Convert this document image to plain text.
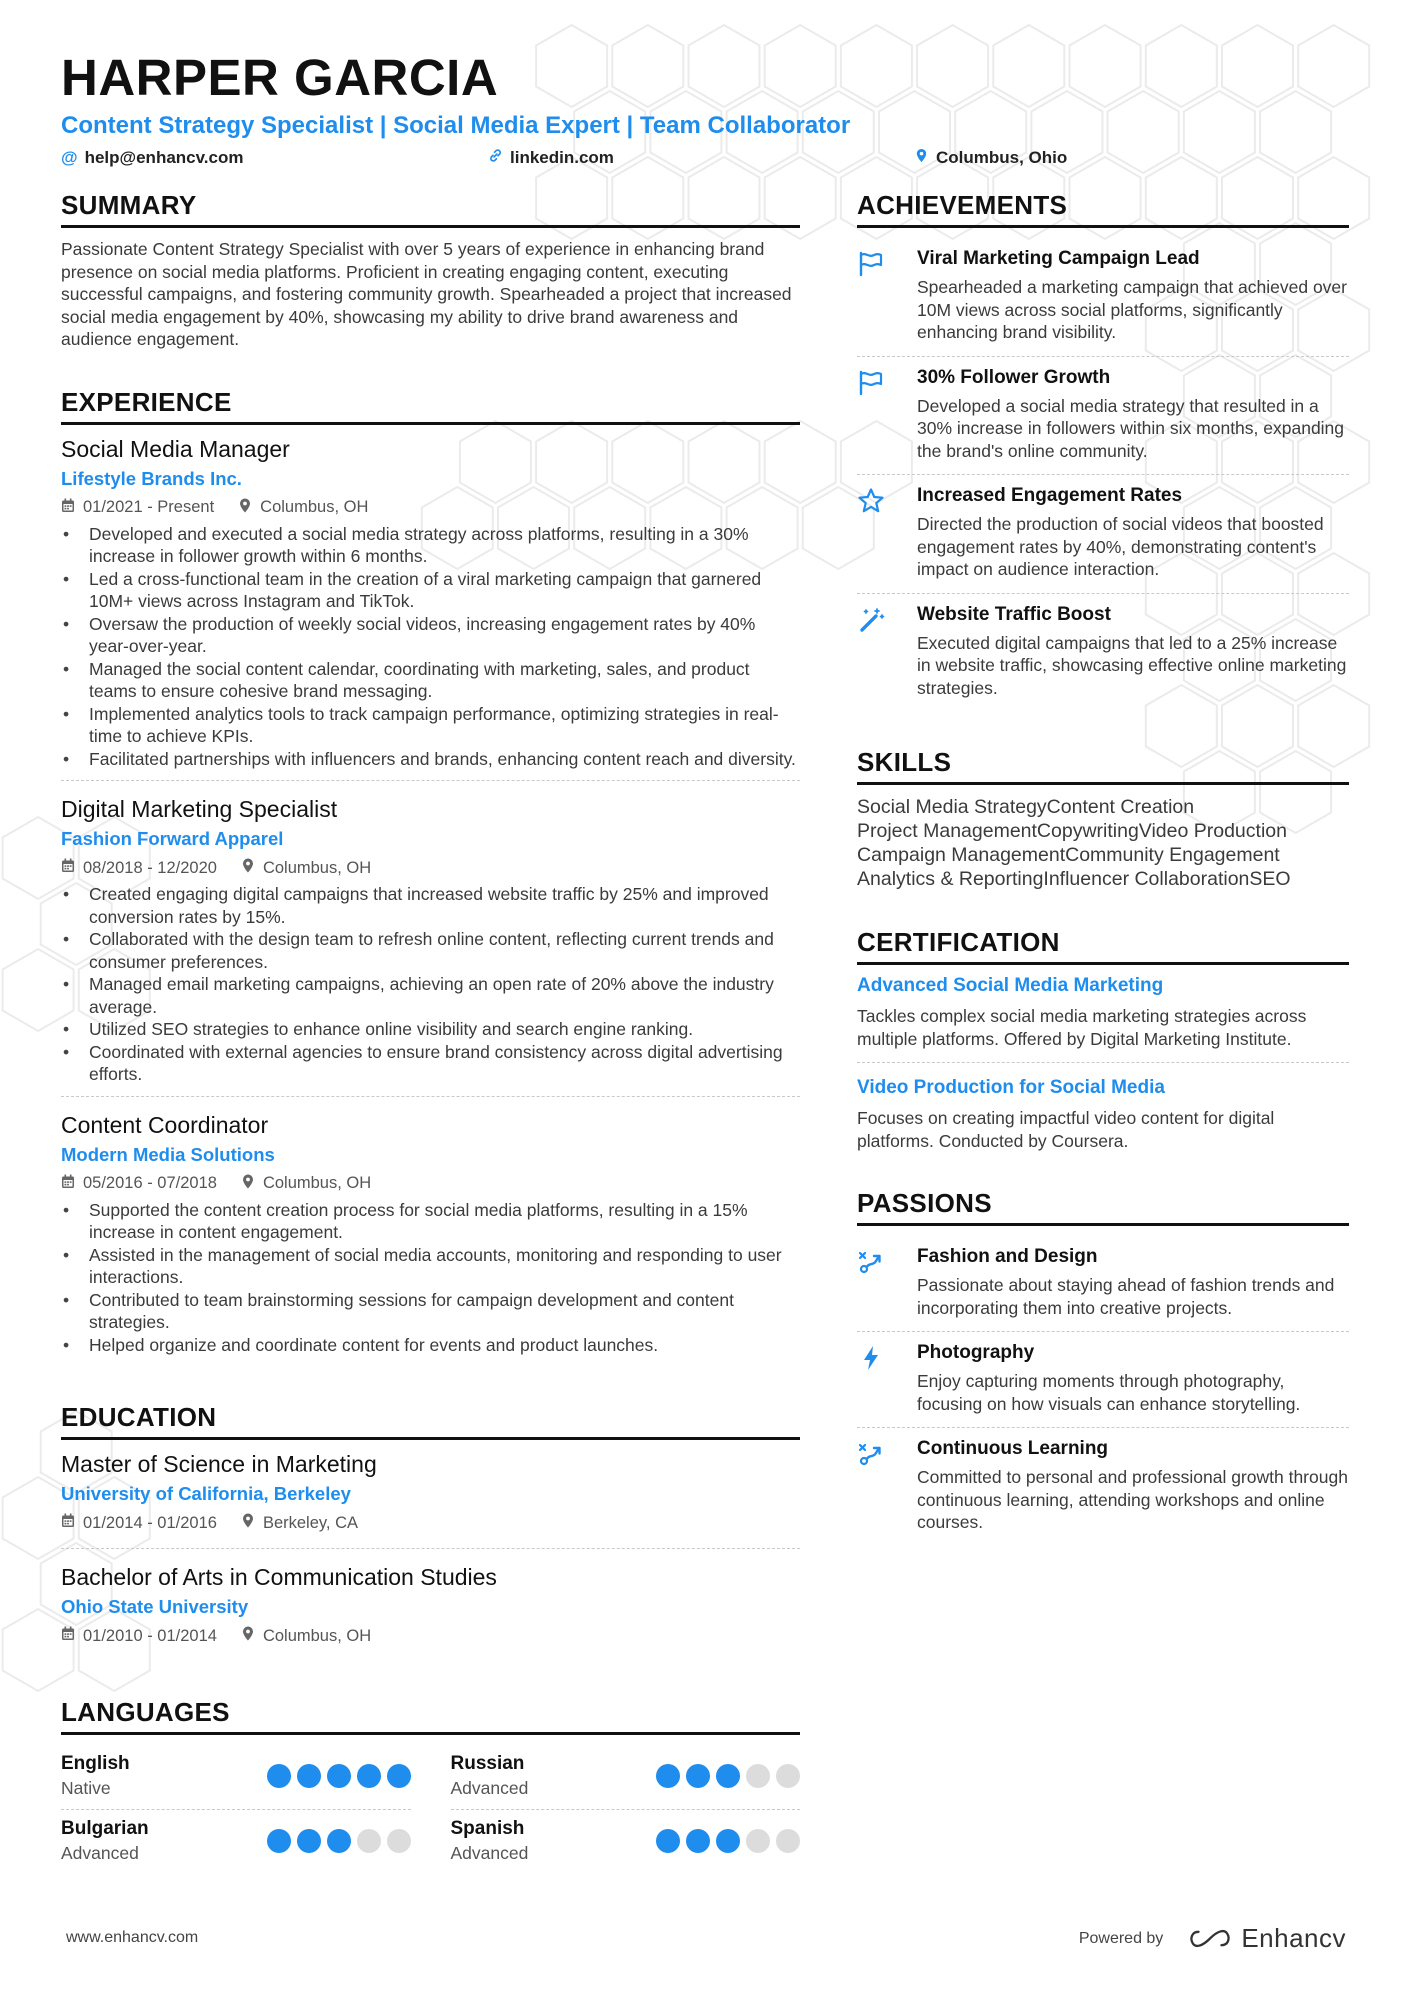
HARPER GARCIA
Content Strategy Specialist | Social Media Expert | Team Collaborator
@ help@enhancv.com	linkedin.com	Columbus, Ohio
SUMMARY

Passionate Content Strategy Specialist with over 5 years of experience in enhancing brand presence on social media platforms. Proficient in creating engaging content, executing successful campaigns, and fostering community growth. Spearheaded a project that increased social media engagement by 40%, showcasing my ability to drive brand awareness and audience engagement.

EXPERIENCE
Social Media Manager
Lifestyle Brands Inc.
01/2021 - Present	Columbus, OH
• Developed and executed a social media strategy across platforms, resulting in a 30% increase in follower growth within 6 months.
• Led a cross-functional team in the creation of a viral marketing campaign that garnered 10M+ views across Instagram and TikTok.
• Oversaw the production of weekly social videos, increasing engagement rates by 40% year-over-year.
• Managed the social content calendar, coordinating with marketing, sales, and product teams to ensure cohesive brand messaging.
• Implemented analytics tools to track campaign performance, optimizing strategies in real-time to achieve KPIs.
• Facilitated partnerships with influencers and brands, enhancing content reach and diversity.
Digital Marketing Specialist
Fashion Forward Apparel
08/2018 - 12/2020	Columbus, OH
• Created engaging digital campaigns that increased website traffic by 25% and improved conversion rates by 15%.
• Collaborated with the design team to refresh online content, reflecting current trends and consumer preferences.
• Managed email marketing campaigns, achieving an open rate of 20% above the industry average.
• Utilized SEO strategies to enhance online visibility and search engine ranking.
• Coordinated with external agencies to ensure brand consistency across digital advertising efforts.
Content Coordinator
Modern Media Solutions
05/2016 - 07/2018	Columbus, OH
• Supported the content creation process for social media platforms, resulting in a 15% increase in content engagement.
• Assisted in the management of social media accounts, monitoring and responding to user interactions.
• Contributed to team brainstorming sessions for campaign development and content strategies.
• Helped organize and coordinate content for events and product launches.
EDUCATION
Master of Science in Marketing
University of California, Berkeley
01/2014 - 01/2016	Berkeley, CA
Bachelor of Arts in Communication Studies
Ohio State University
01/2010 - 01/2014	Columbus, OH
LANGUAGES
English
Native
Russian
Advanced
Bulgarian
Advanced
Spanish
Advanced
ACHIEVEMENTS
Viral Marketing Campaign Lead

Spearheaded a marketing campaign that achieved over 10M views across social platforms, significantly enhancing brand visibility.

30% Follower Growth

Developed a social media strategy that resulted in a 30% increase in followers within six months, expanding the brand's online community.

Increased Engagement Rates

Directed the production of social videos that boosted engagement rates by 40%, demonstrating content's impact on audience interaction.

Website Traffic Boost

Executed digital campaigns that led to a 25% increase in website traffic, showcasing effective online marketing strategies.

SKILLS
Social Media StrategyContent Creation
Project ManagementCopywritingVideo Production
Campaign ManagementCommunity Engagement
Analytics & ReportingInfluencer CollaborationSEO
CERTIFICATION
Advanced Social Media Marketing

Tackles complex social media marketing strategies across multiple platforms. Offered by Digital Marketing Institute.

Video Production for Social Media

Focuses on creating impactful video content for digital platforms. Conducted by Coursera.

PASSIONS
Fashion and Design

Passionate about staying ahead of fashion trends and incorporating them into creative projects.

Photography

Enjoy capturing moments through photography, focusing on how visuals can enhance storytelling.

Continuous Learning

Committed to personal and professional growth through continuous learning, attending workshops and online courses.

www.enhancv.com	Powered by	Enhancv
